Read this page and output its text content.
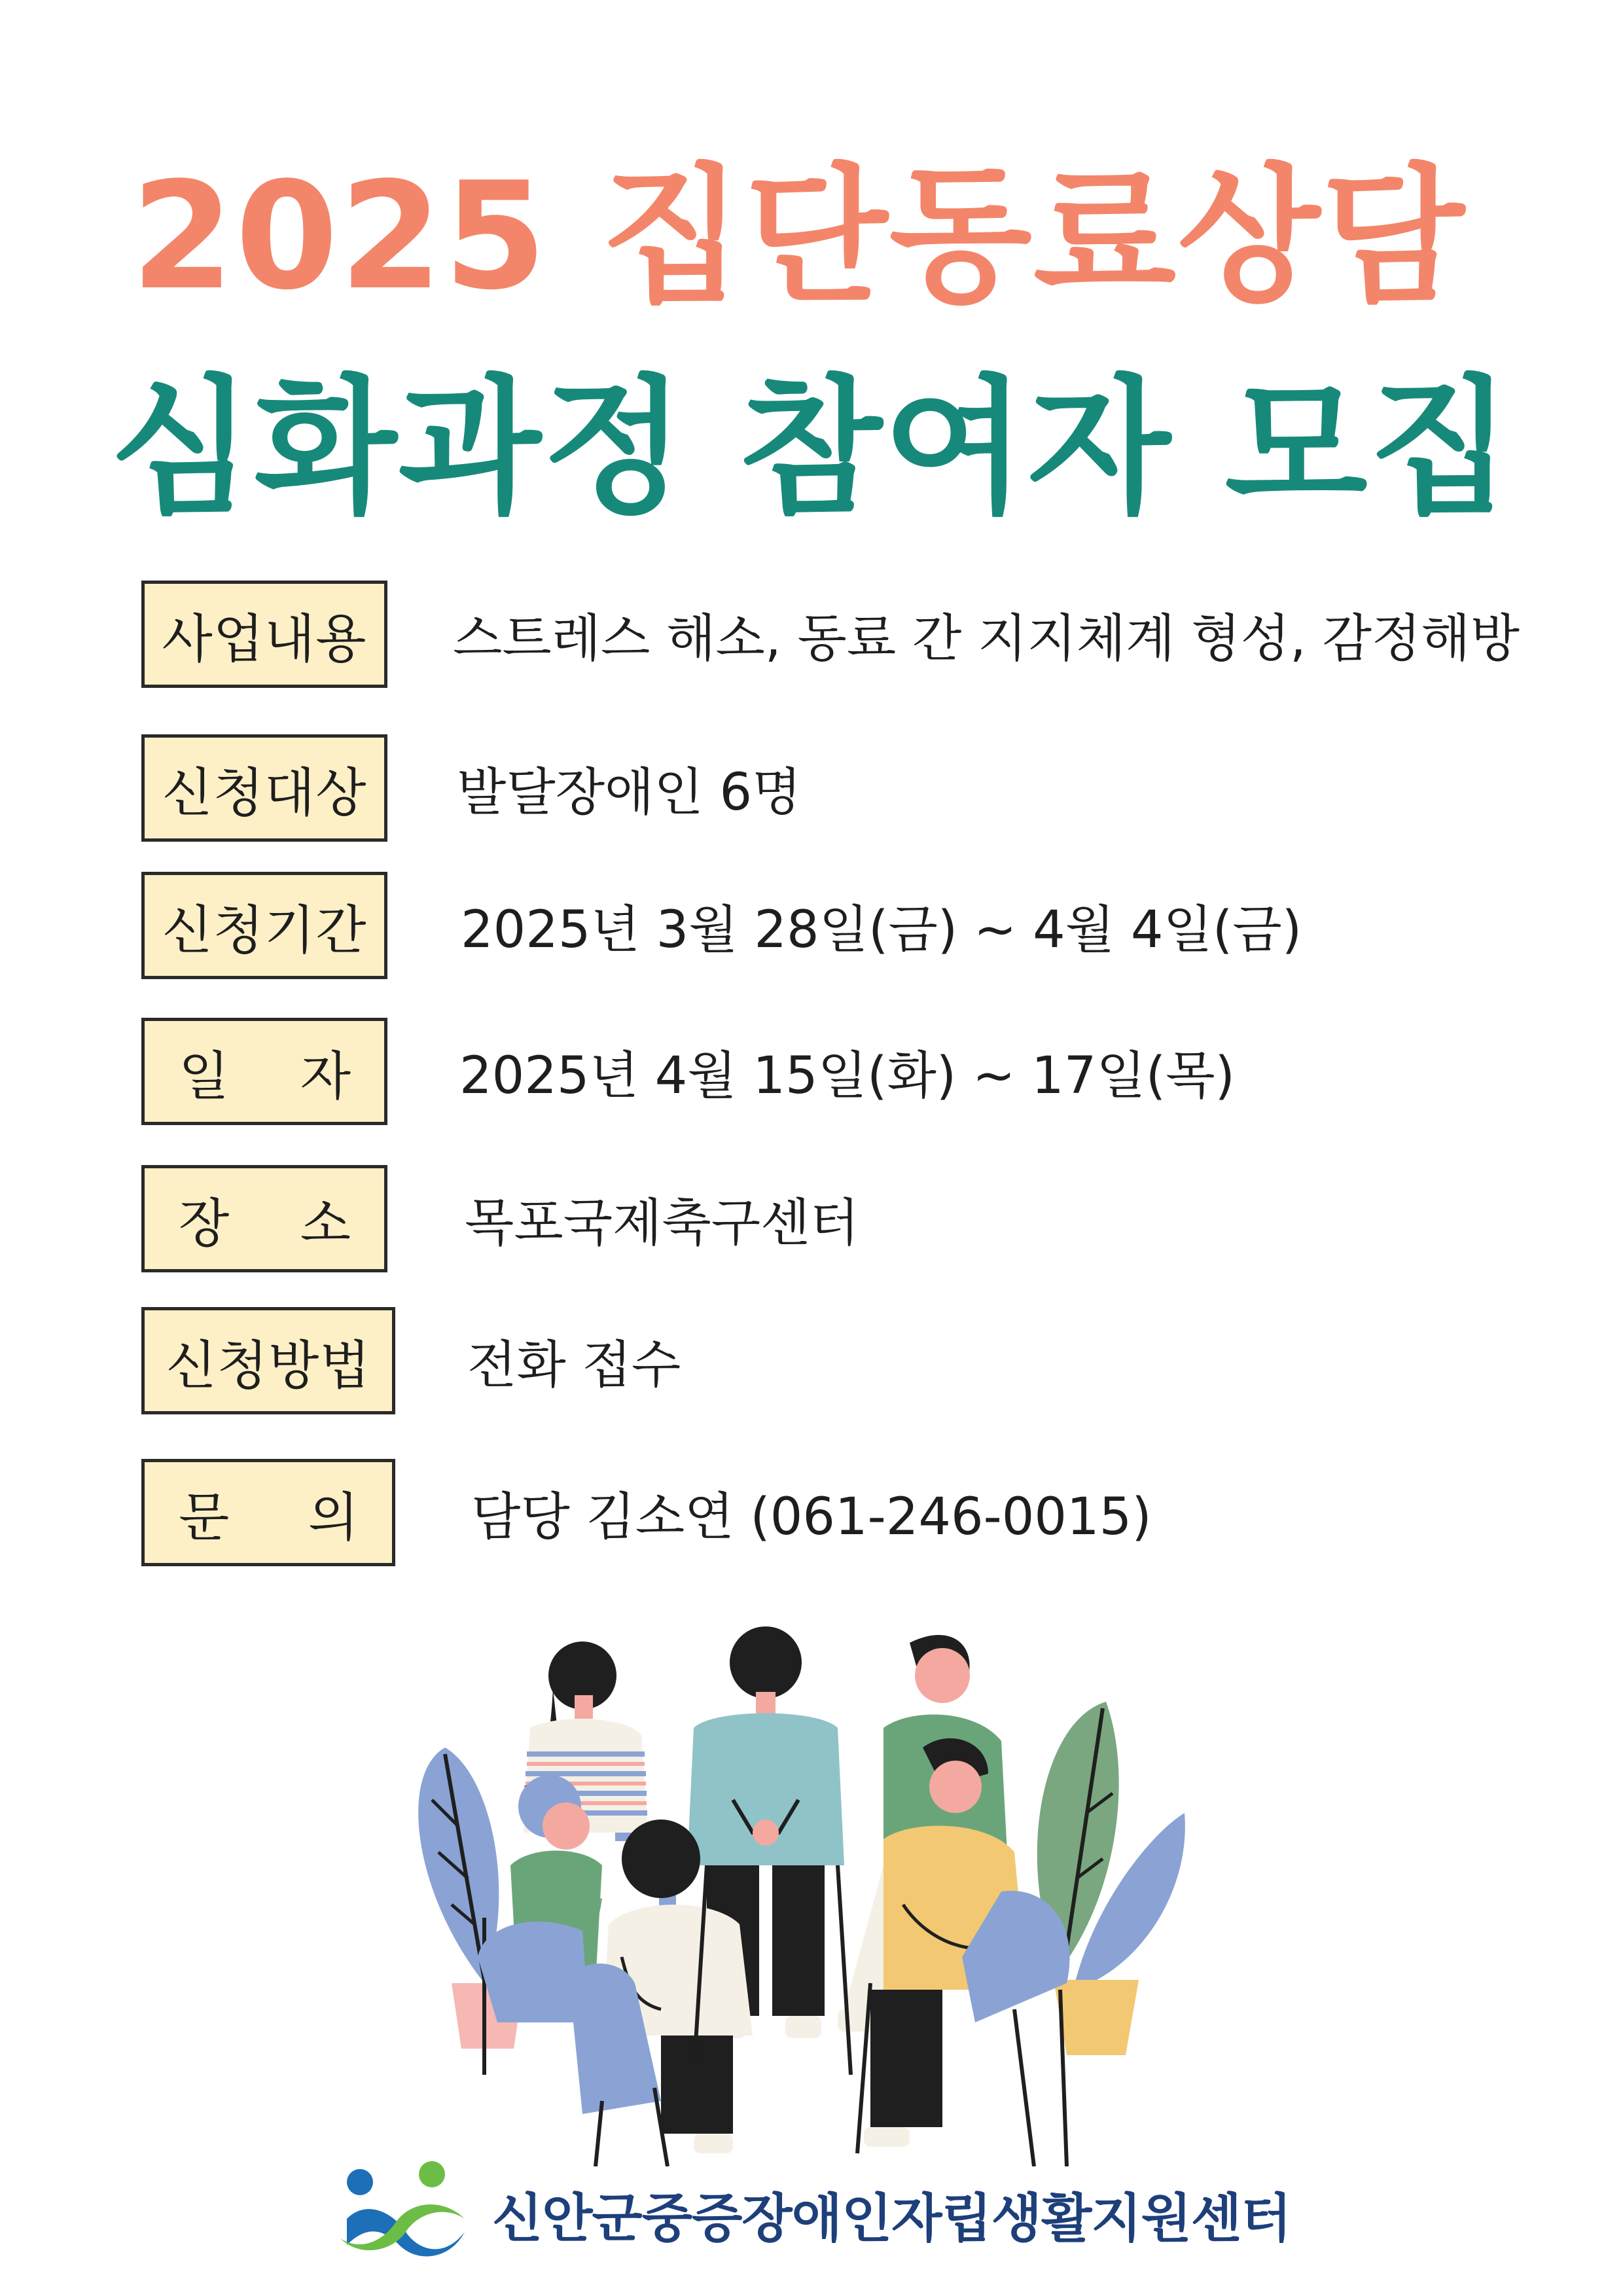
2025 집단동료상담
심화과정 참여자 모집
사업내용 스트레스 해소, 동료 간 지지체계 형성, 감정해방
신청대상 발달장애인 6명
신청기간 2025년 3월 28일(금) ~ 4월 4일(금)
일 자 2025년 4월 15일(화) ~ 17일(목)
장 소 목포국제축구센터
신청방법 전화 접수
문 의 담당 김소연 (061-246-0015)
신안군중증장애인자립생활지원센터
